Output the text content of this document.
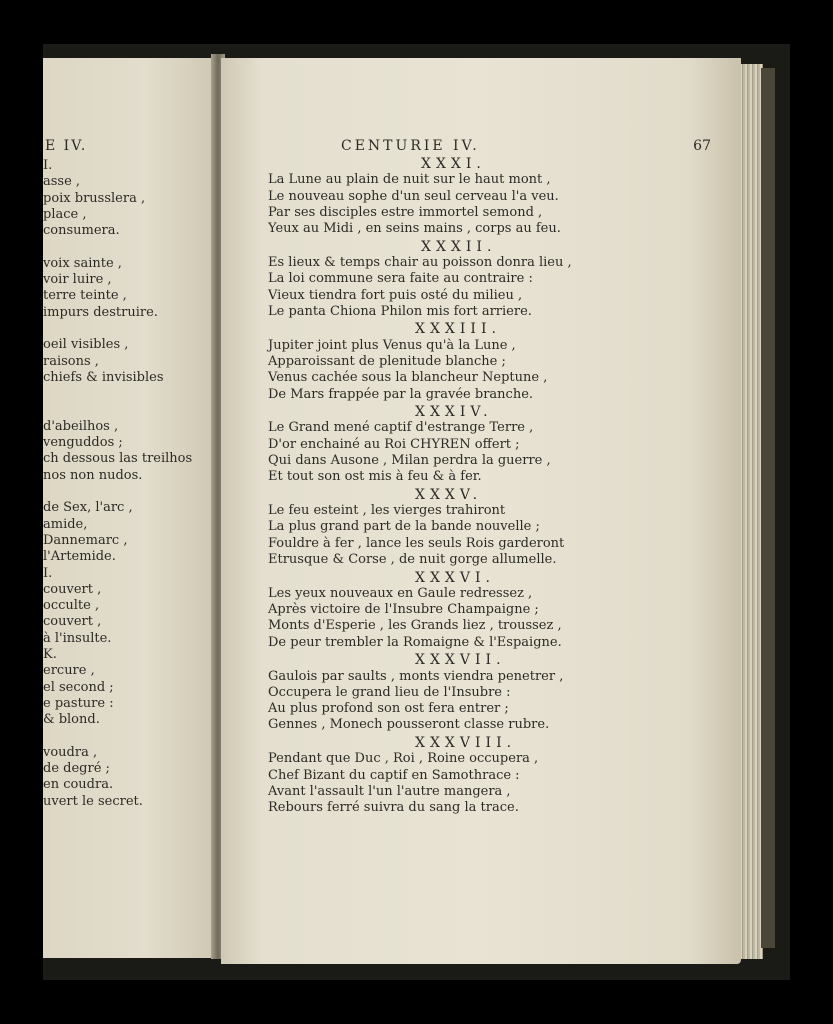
E IV.
I.
asse ,
poix brusslera ,
place ,
consumera.
voix sainte ,
voir luire ,
terre teinte ,
impurs destruire.
oeil visibles ,
raisons ,
chiefs & invisibles
d'abeilhos ,
venguddos ;
ch dessous las treilhos
nos non nudos.
de Sex, l'arc ,
amide,
Dannemarc ,
l'Artemide.
I.
couvert ,
occulte ,
couvert ,
à l'insulte.
K.
ercure ,
el second ;
e pasture :
& blond.
voudra ,
de degré ;
en coudra.
uvert le secret.
CENTURIE IV.	67
XXXI.
La Lune au plain de nuit sur le haut mont ,
Le nouveau sophe d'un seul cerveau l'a veu.
Par ses disciples estre immortel semond ,
Yeux au Midi , en seins mains , corps au feu.
XXXII.
Es lieux & temps chair au poisson donra lieu ,
La loi commune sera faite au contraire :
Vieux tiendra fort puis osté du milieu ,
Le panta Chiona Philon mis fort arriere.
XXXIII.
Jupiter joint plus Venus qu'à la Lune ,
Apparoissant de plenitude blanche ;
Venus cachée sous la blancheur Neptune ,
De Mars frappée par la gravée branche.
XXXIV.
Le Grand mené captif d'estrange Terre ,
D'or enchainé au Roi CHYREN offert ;
Qui dans Ausone , Milan perdra la guerre ,
Et tout son ost mis à feu & à fer.
XXXV.
Le feu esteint , les vierges trahiront
La plus grand part de la bande nouvelle ;
Fouldre à fer , lance les seuls Rois garderont
Etrusque & Corse , de nuit gorge allumelle.
XXXVI.
Les yeux nouveaux en Gaule redressez ,
Après victoire de l'Insubre Champaigne ;
Monts d'Esperie , les Grands liez , troussez ,
De peur trembler la Romaigne & l'Espaigne.
XXXVII.
Gaulois par saults , monts viendra penetrer ,
Occupera le grand lieu de l'Insubre :
Au plus profond son ost fera entrer ;
Gennes , Monech pousseront classe rubre.
XXXVIII.
Pendant que Duc , Roi , Roine occupera ,
Chef Bizant du captif en Samothrace :
Avant l'assault l'un l'autre mangera ,
Rebours ferré suivra du sang la trace.
